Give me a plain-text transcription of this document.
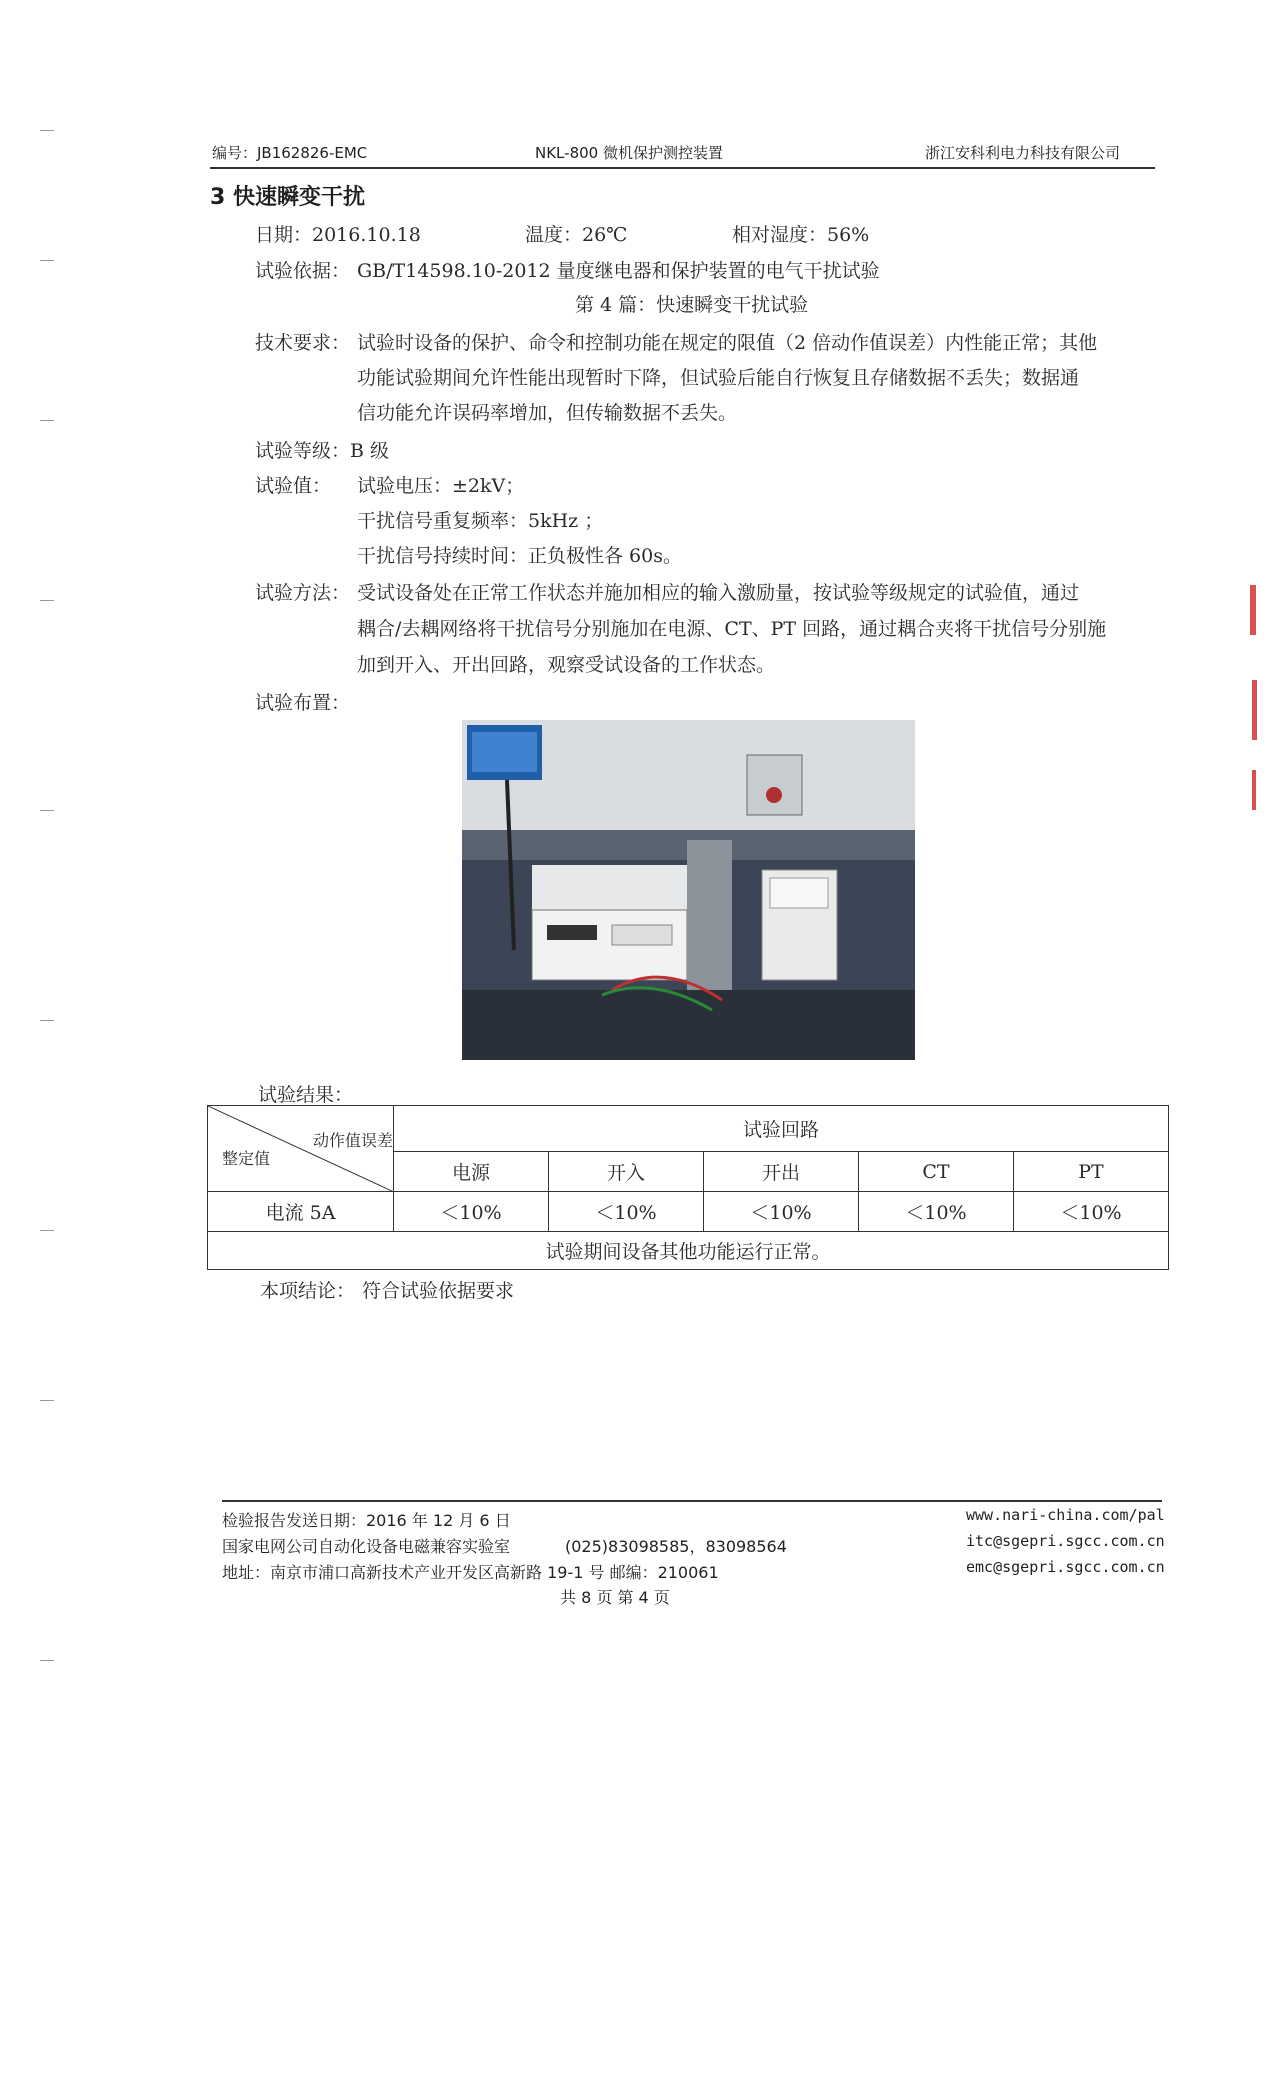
编号：JB162826-EMC	NKL-800 微机保护测控装置	浙江安科利电力科技有限公司
3 快速瞬变干扰
日期：2016.10.18	温度：26℃	相对湿度：56%
试验依据： GB/T14598.10-2012 量度继电器和保护装置的电气干扰试验
第 4 篇：快速瞬变干扰试验
技术要求： 试验时设备的保护、命令和控制功能在规定的限值（2 倍动作值误差）内性能正常；其他
功能试验期间允许性能出现暂时下降，但试验后能自行恢复且存储数据不丢失；数据通
信功能允许误码率增加，但传输数据不丢失。
试验等级：B 级
试验值： 试验电压：±2kV；
干扰信号重复频率：5kHz ；
干扰信号持续时间：正负极性各 60s。
试验方法： 受试设备处在正常工作状态并施加相应的输入激励量，按试验等级规定的试验值，通过
耦合/去耦网络将干扰信号分别施加在电源、CT、PT 回路，通过耦合夹将干扰信号分别施
加到开入、开出回路，观察受试设备的工作状态。
试验布置：
试验结果：
动作值误差
整定值	试验回路				
	电源	开入	开出	CT	PT
电流 5A	＜10%	＜10%	＜10%	＜10%	＜10%
试验期间设备其他功能运行正常。					
本项结论： 符合试验依据要求
检验报告发送日期：2016 年 12 月 6 日
国家电网公司自动化设备电磁兼容实验室	(025)83098585，83098564
地址：南京市浦口高新技术产业开发区高新路 19-1 号 邮编：210061
共 8 页 第 4 页
www.nari-china.com/pal
itc@sgepri.sgcc.com.cn
emc@sgepri.sgcc.com.cn
